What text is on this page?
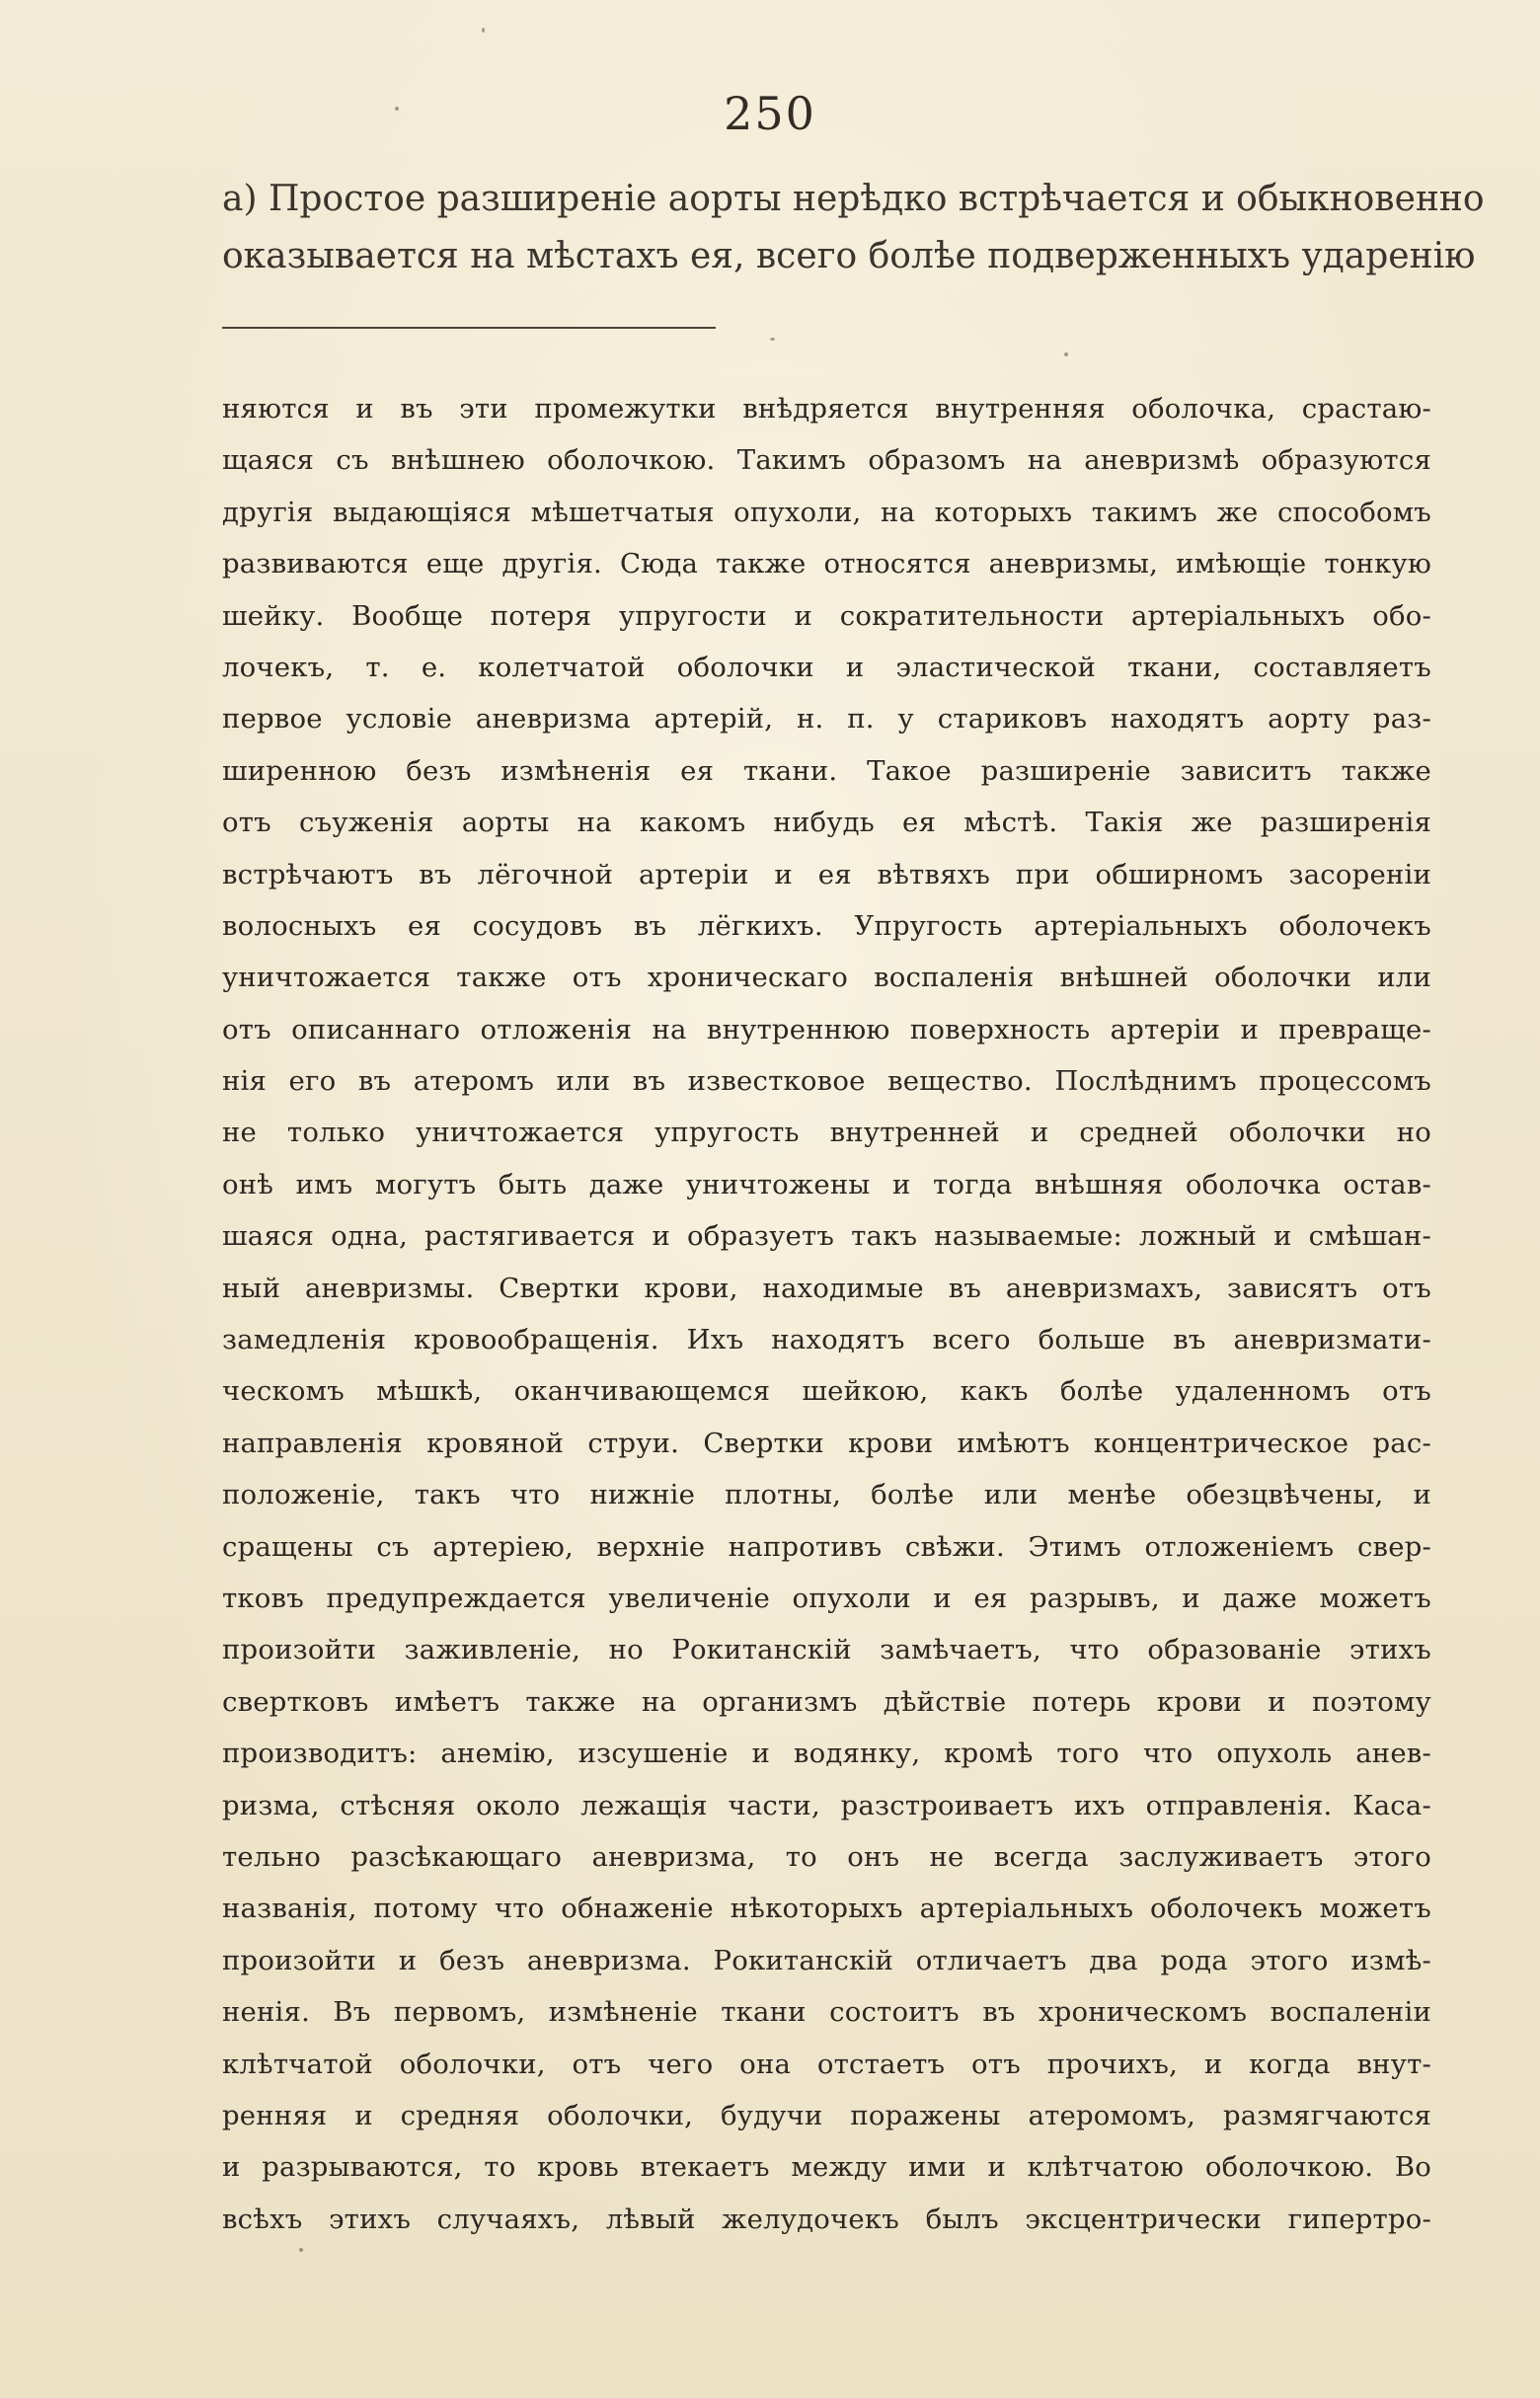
250
а) Простое разширеніе аорты нерѣдко встрѣчается и обыкновенно
оказывается на мѣстахъ ея, всего болѣе подверженныхъ ударенію
няются и въ эти промежутки внѣдряется внутренняя оболочка, срастаю-
щаяся съ внѣшнею оболочкою. Такимъ образомъ на аневризмѣ образуются
другія выдающіяся мѣшетчатыя опухоли, на которыхъ такимъ же способомъ
развиваются еще другія. Сюда также относятся аневризмы, имѣющіе тонкую
шейку. Вообще потеря упругости и сократительности артеріальныхъ обо-
лочекъ, т. е. колетчатой оболочки и эластической ткани, составляетъ
первое условіе аневризма артерій, н. п. у стариковъ находятъ аорту раз-
ширенною безъ измѣненія ея ткани. Такое разширеніе зависитъ также
отъ съуженія аорты на какомъ нибудь ея мѣстѣ. Такія же разширенія
встрѣчаютъ въ лёгочной артеріи и ея вѣтвяхъ при обширномъ засореніи
волосныхъ ея сосудовъ въ лёгкихъ. Упругость артеріальныхъ оболочекъ
уничтожается также отъ хроническаго воспаленія внѣшней оболочки или
отъ описаннаго отложенія на внутреннюю поверхность артеріи и превраще-
нія его въ атеромъ или въ известковое вещество. Послѣднимъ процессомъ
не только уничтожается упругость внутренней и средней оболочки но
онѣ имъ могутъ быть даже уничтожены и тогда внѣшняя оболочка остав-
шаяся одна, растягивается и образуетъ такъ называемые: ложный и смѣшан-
ный аневризмы. Свертки крови, находимые въ аневризмахъ, зависятъ отъ
замедленія кровообращенія. Ихъ находятъ всего больше въ аневризмати-
ческомъ мѣшкѣ, оканчивающемся шейкою, какъ болѣе удаленномъ отъ
направленія кровяной струи. Свертки крови имѣютъ концентрическое рас-
положеніе, такъ что нижніе плотны, болѣе или менѣе обезцвѣчены, и
сращены съ артеріею, верхніе напротивъ свѣжи. Этимъ отложеніемъ свер-
тковъ предупреждается увеличеніе опухоли и ея разрывъ, и даже можетъ
произойти заживленіе, но Рокитанскій замѣчаетъ, что образованіе этихъ
свертковъ имѣетъ также на организмъ дѣйствіе потерь крови и поэтому
производитъ: анемію, изсушеніе и водянку, кромѣ того что опухоль анев-
ризма, стѣсняя около лежащія части, разстроиваетъ ихъ отправленія. Каса-
тельно разсѣкающаго аневризма, то онъ не всегда заслуживаетъ этого
названія, потому что обнаженіе нѣкоторыхъ артеріальныхъ оболочекъ можетъ
произойти и безъ аневризма. Рокитанскій отличаетъ два рода этого измѣ-
ненія. Въ первомъ, измѣненіе ткани состоитъ въ хроническомъ воспаленіи
клѣтчатой оболочки, отъ чего она отстаетъ отъ прочихъ, и когда внут-
ренняя и средняя оболочки, будучи поражены атеромомъ, размягчаются
и разрываются, то кровь втекаетъ между ими и клѣтчатою оболочкою. Во
всѣхъ этихъ случаяхъ, лѣвый желудочекъ былъ эксцентрически гипертро-
